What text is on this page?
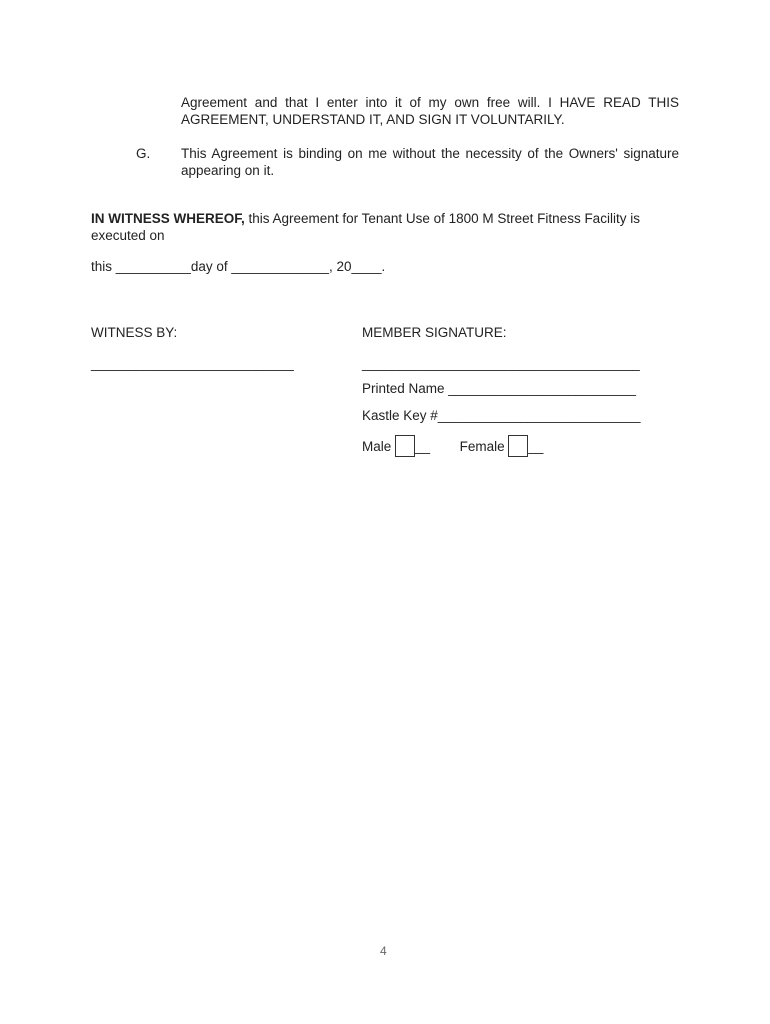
Agreement and that I enter into it of my own free will. I HAVE READ THIS AGREEMENT, UNDERSTAND IT, AND SIGN IT VOLUNTARILY.
G. This Agreement is binding on me without the necessity of the Owners' signature appearing on it.
IN WITNESS WHEREOF, this Agreement for Tenant Use of 1800 M Street Fitness Facility is
executed on
this __________day of _____________, 20____.
WITNESS BY:
___________________________
MEMBER SIGNATURE:
_____________________________________
Printed Name _________________________
Kastle Key #___________________________
Male __ Female __
4
